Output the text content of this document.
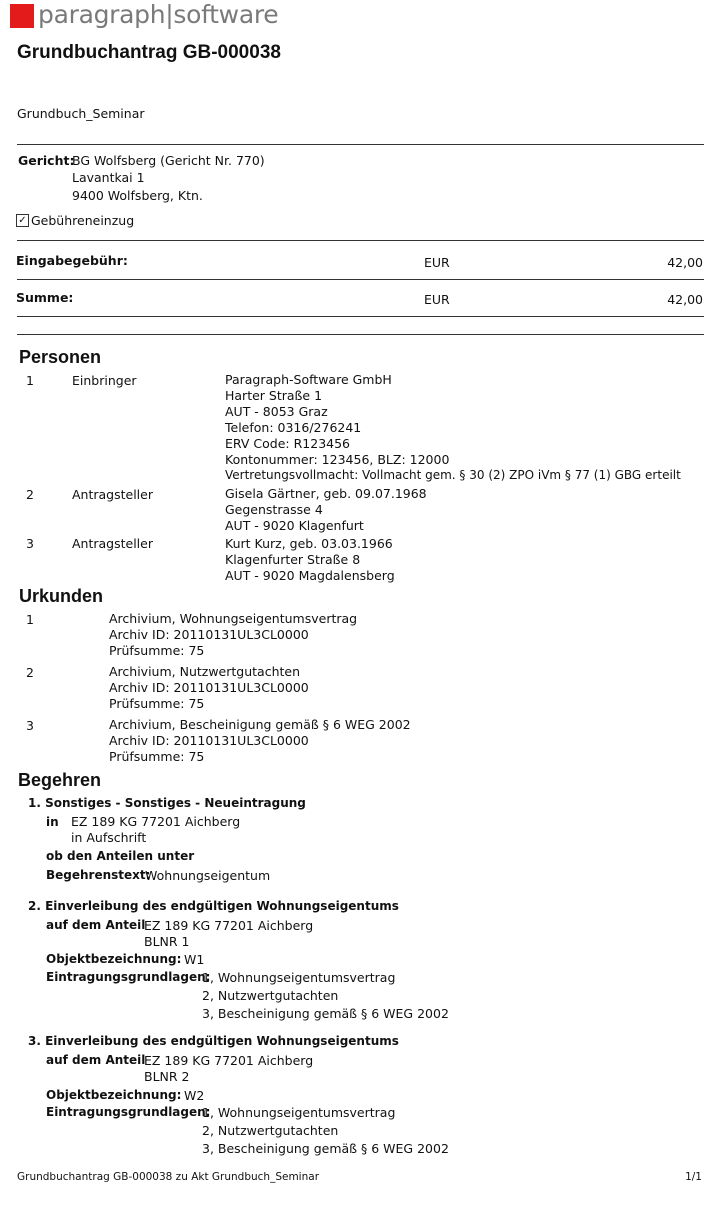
paragraph|software
Grundbuchantrag GB-000038
Grundbuch_Seminar
Gericht:
BG Wolfsberg (Gericht Nr. 770)
Lavantkai 1
9400 Wolfsberg, Ktn.
✓ Gebühreneinzug
Eingabegebühr:	EUR	42,00
Summe:	EUR	42,00
Personen
1	Einbringer	Paragraph-Software GmbH
Harter Straße 1
AUT - 8053 Graz
Telefon: 0316/276241
ERV Code: R123456
Kontonummer: 123456, BLZ: 12000
Vertretungsvollmacht: Vollmacht gem. § 30 (2) ZPO iVm § 77 (1) GBG erteilt
2	Antragsteller	Gisela Gärtner, geb. 09.07.1968
Gegenstrasse 4
AUT - 9020 Klagenfurt
3	Antragsteller	Kurt Kurz, geb. 03.03.1966
Klagenfurter Straße 8
AUT - 9020 Magdalensberg
Urkunden
1	Archivium, Wohnungseigentumsvertrag
Archiv ID: 20110131UL3CL0000
Prüfsumme: 75
2	Archivium, Nutzwertgutachten
Archiv ID: 20110131UL3CL0000
Prüfsumme: 75
3	Archivium, Bescheinigung gemäß § 6 WEG 2002
Archiv ID: 20110131UL3CL0000
Prüfsumme: 75
Begehren
1. Sonstiges - Sonstiges - Neueintragung
in EZ 189 KG 77201 Aichberg
in Aufschrift
ob den Anteilen unter
Begehrenstext:
Wohnungseigentum
2. Einverleibung des endgültigen Wohnungseigentums
auf dem Anteil
EZ 189 KG 77201 Aichberg
BLNR 1
Objektbezeichnung: W1
Eintragungsgrundlagen:
1, Wohnungseigentumsvertrag
2, Nutzwertgutachten
3, Bescheinigung gemäß § 6 WEG 2002
3. Einverleibung des endgültigen Wohnungseigentums
auf dem Anteil
EZ 189 KG 77201 Aichberg
BLNR 2
Objektbezeichnung: W2
Eintragungsgrundlagen:
1, Wohnungseigentumsvertrag
2, Nutzwertgutachten
3, Bescheinigung gemäß § 6 WEG 2002
Grundbuchantrag GB-000038 zu Akt Grundbuch_Seminar	1/1
